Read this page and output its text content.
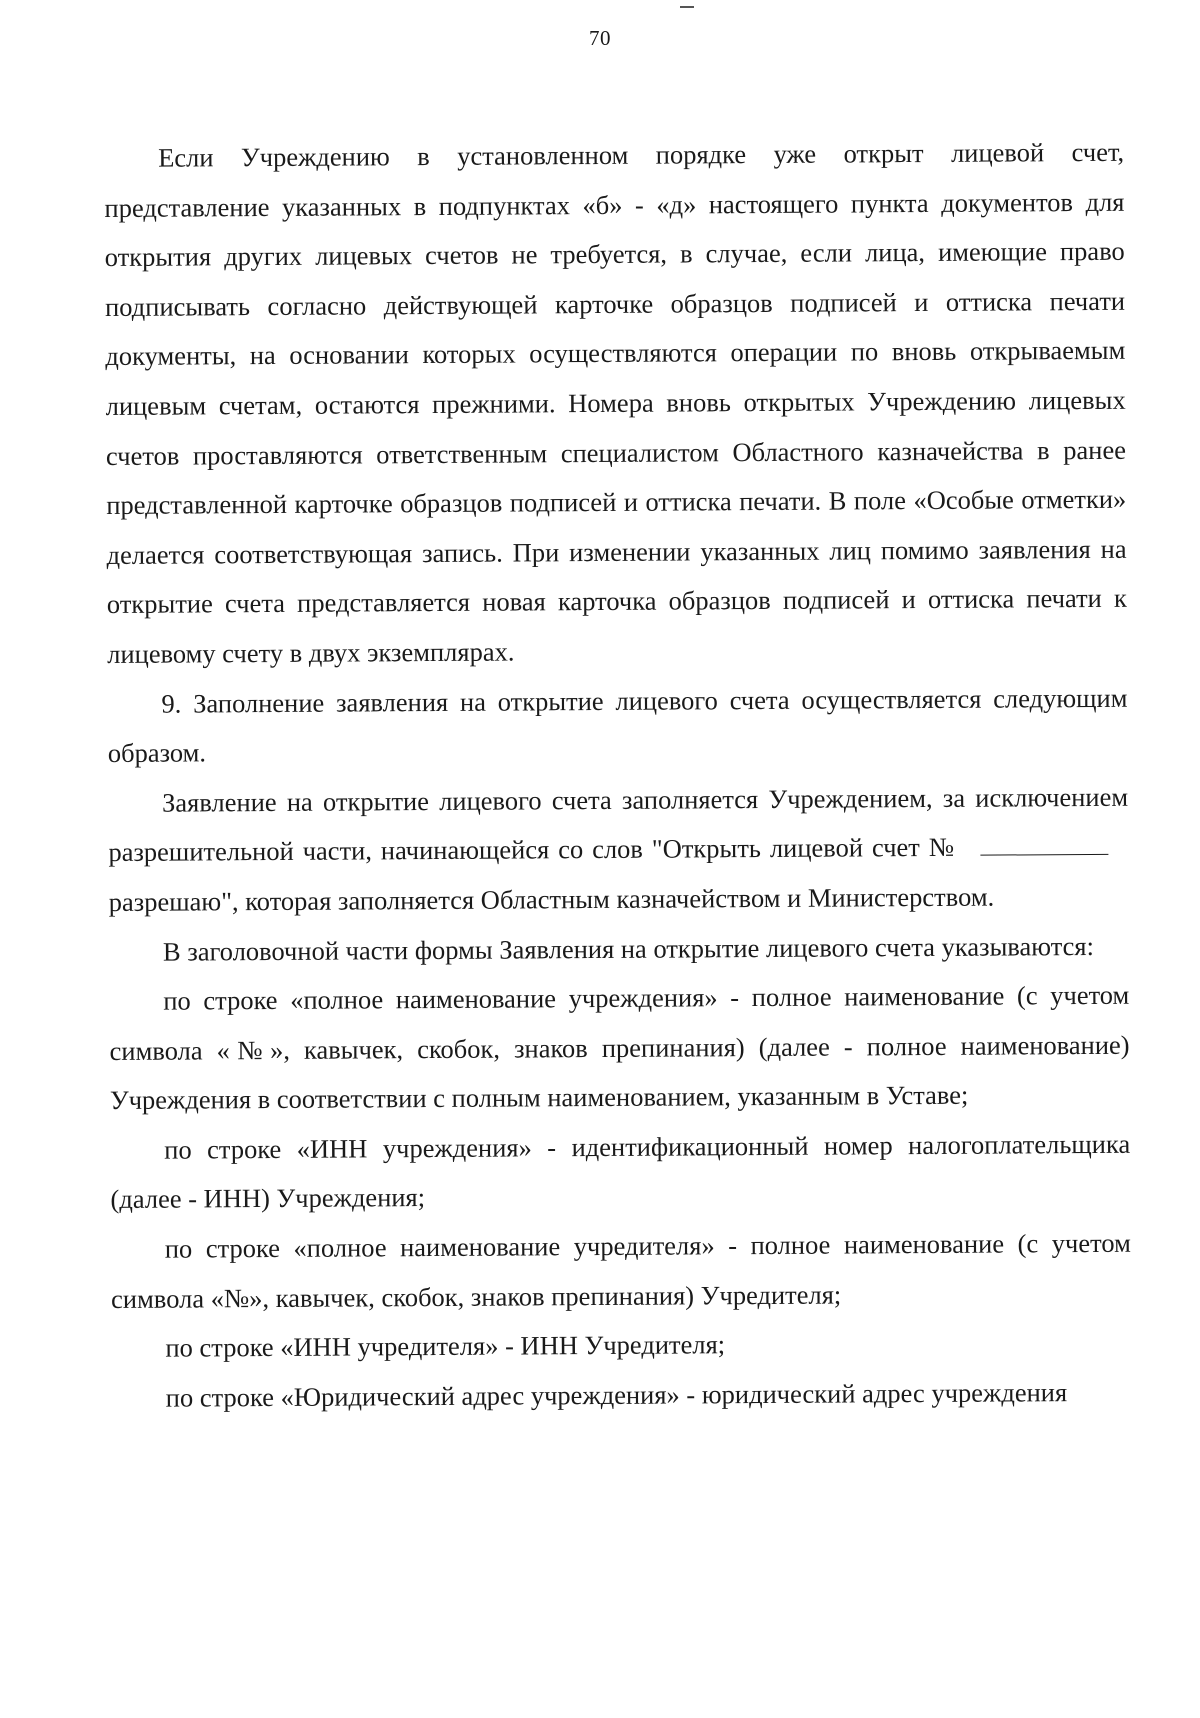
70

Если Учреждению в установленном порядке уже открыт лицевой счет, представление указанных в подпунктах «б» - «д» настоящего пункта документов для открытия других лицевых счетов не требуется, в случае, если лица, имеющие право подписывать согласно действующей карточке образцов подписей и оттиска печати документы, на основании которых осуществляются операции по вновь открываемым лицевым счетам, остаются прежними. Номера вновь открытых Учреждению лицевых счетов проставляются ответственным специалистом Областного казначейства в ранее представленной карточке образцов подписей и оттиска печати. В поле «Особые отметки» делается соответствующая запись. При изменении указанных лиц помимо заявления на открытие счета представляется новая карточка образцов подписей и оттиска печати к лицевому счету в двух экземплярах.

9. Заполнение заявления на открытие лицевого счета осуществляется следующим образом.

Заявление на открытие лицевого счета заполняется Учреждением, за исключением разрешительной части, начинающейся со слов "Открыть лицевой счет №разрешаю", которая заполняется Областным казначейством и Министерством.

В заголовочной части формы Заявления на открытие лицевого счета указываются:

по строке «полное наименование учреждения» - полное наименование (с учетом символа «№», кавычек, скобок, знаков препинания) (далее - полное наименование) Учреждения в соответствии с полным наименованием, указанным в Уставе;

по строке «ИНН учреждения» - идентификационный номер налогоплательщика (далее - ИНН) Учреждения;

по строке «полное наименование учредителя» - полное наименование (с учетом символа «№», кавычек, скобок, знаков препинания) Учредителя;

по строке «ИНН учредителя» - ИНН Учредителя;

по строке «Юридический адрес учреждения» - юридический адрес учреждения
